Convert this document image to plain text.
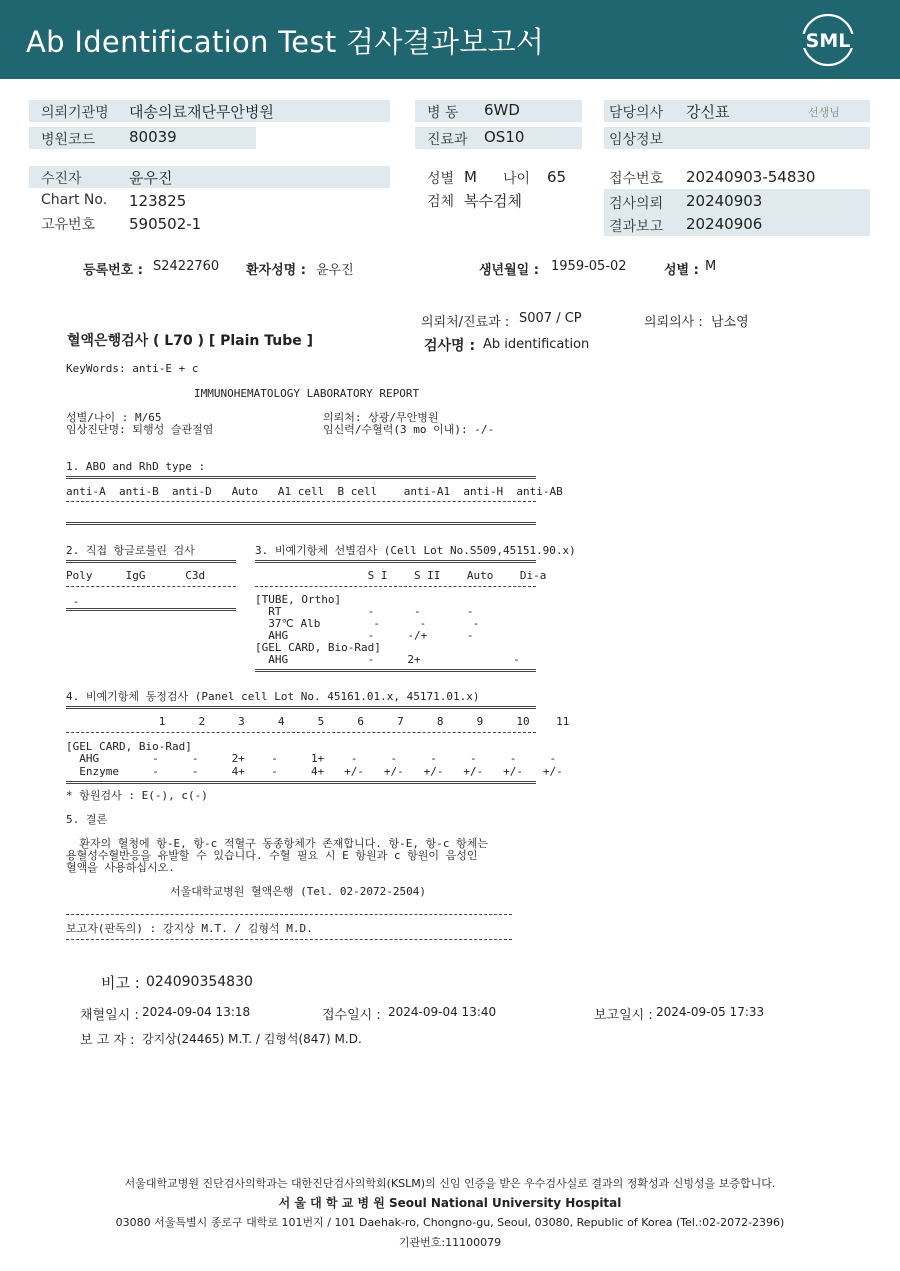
Ab Identification Test 검사결과보고서	SML
의뢰기관명 대송의료재단무안병원
병원코드 80039
병 동 6WD
진료과 OS10
담당의사 강신표	선생님
임상정보
수진자	윤우진
Chart No. 123825
고유번호 590502-1
성별 M 나이 65
검체 복수검체
접수번호 20240903-54830
검사의뢰 20240903
결과보고 20240906
등록번호 : S2422760 환자성명 : 윤우진	생년월일 : 1959-05-02	성별 : M
의뢰처/진료과 : S007 / CP	의뢰의사 : 남소영
혈액은행검사 ( L70 ) [ Plain Tube ]	검사명 : Ab identification
KeyWords: anti-E + c
IMMUNOHEMATOLOGY LABORATORY REPORT
성별/나이 : M/65
임상진단명: 퇴행성 슬관절염
의뢰처: 상광/무안병원
임신력/수혈력(3 mo 이내): -/-
1. ABO and RhD type :
anti-A  anti-B  anti-D   Auto   A1 cell  B cell    anti-A1  anti-H  anti-AB
2. 직접 항글로불린 검사
Poly     IgG      C3d
-
3. 비예기항체 선별검사 (Cell Lot No.S509,45151.90.x)
S I    S II    Auto    Di-a
[TUBE, Ortho]
RT             -      -       -
37℃ Alb        -      -       -
AHG            -     -/+      -
[GEL CARD, Bio-Rad]
AHG            -     2+              -
4. 비예기항체 동정검사 (Panel cell Lot No. 45161.01.x, 45171.01.x)
1     2     3     4     5     6     7     8     9     10    11
[GEL CARD, Bio-Rad]
AHG        -     -     2+    -     1+    -     -     -     -     -     -
Enzyme     -     -     4+    -     4+   +/-   +/-   +/-   +/-   +/-   +/-
* 항원검사 : E(-), c(-)
5. 결론
환자의 혈청에 항-E, 항-c 적혈구 동종항체가 존재합니다. 항-E, 항-c 항체는
용혈성수혈반응을 유발할 수 있습니다. 수혈 필요 시 E 항원과 c 항원이 음성인
혈액을 사용하십시오.
서울대학교병원 혈액은행 (Tel. 02-2072-2504)
보고자(판독의) : 강지상 M.T. / 김형석 M.D.
비고 : 024090354830
채혈일시 : 2024-09-04 13:18	접수일시 : 2024-09-04 13:40	보고일시 : 2024-09-05 17:33
보 고 자 : 강지상(24465) M.T. / 김형석(847) M.D.
서울대학교병원 진단검사의학과는 대한진단검사의학회(KSLM)의 신임 인증을 받은 우수검사실로 결과의 정확성과 신빙성을 보증합니다.
서 울 대 학 교 병 원 Seoul National University Hospital
03080 서울특별시 종로구 대학로 101번지 / 101 Daehak-ro, Chongno-gu, Seoul, 03080, Republic of Korea (Tel.:02-2072-2396)
기관번호:11100079
